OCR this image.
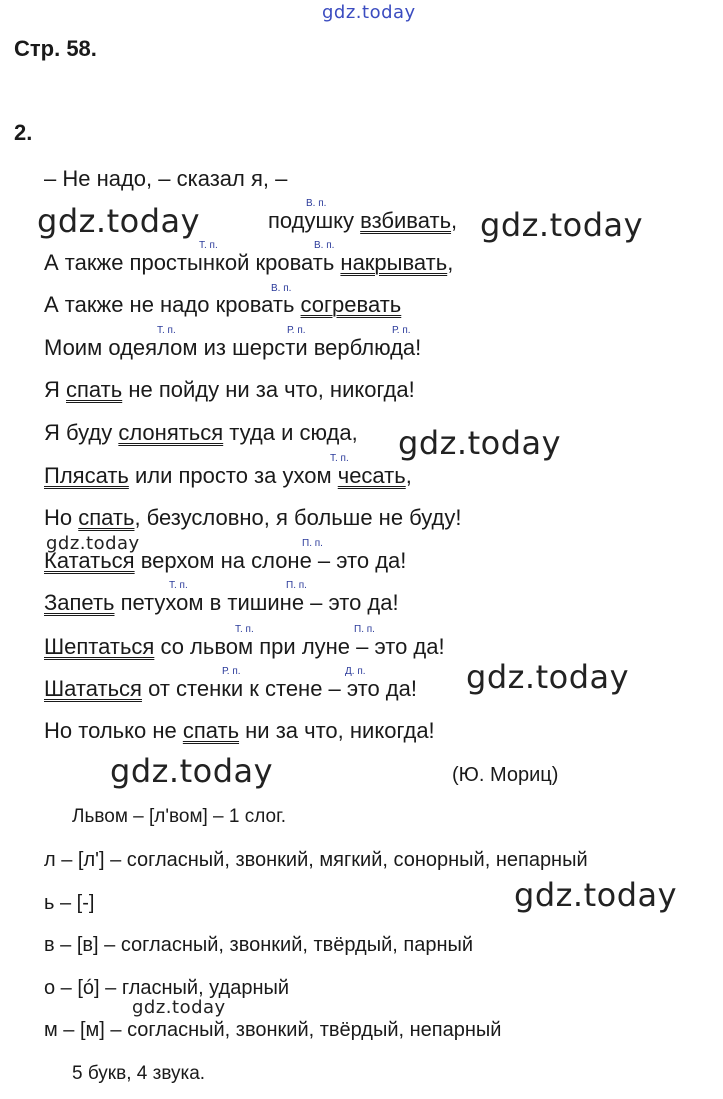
gdz.today
gdz.today	gdz.today
gdz.today
gdz.today
gdz.today
gdz.today
gdz.today
gdz.today
Стр. 58.
2.
В. п.
Т. п.	В. п.
В. п.
Т. п.	Р. п.	Р. п.
Т. п.
П. п.
Т. п.	П. п.
Т. п.	П. п.
Р. п.	Д. п.
– Не надо, – сказал я, –
подушку взбивать,
А также простынкой кровать накрывать,
А также не надо кровать согревать
Моим одеялом из шерсти верблюда!
Я спать не пойду ни за что, никогда!
Я буду слоняться туда и сюда,
Плясать или просто за ухом чесать,
Но спать, безусловно, я больше не буду!
Кататься верхом на слоне – это да!
Запеть петухом в тишине – это да!
Шептаться со львом при луне – это да!
Шататься от стенки к стене – это да!
Но только не спать ни за что, никогда!
(Ю. Мориц)
Львом – [л'вом] – 1 слог.
л – [л'] – согласный, звонкий, мягкий, сонорный, непарный
ь – [-]
в – [в] – согласный, звонкий, твёрдый, парный
о – [ó] – гласный, ударный
м – [м] – согласный, звонкий, твёрдый, непарный
5 букв, 4 звука.
